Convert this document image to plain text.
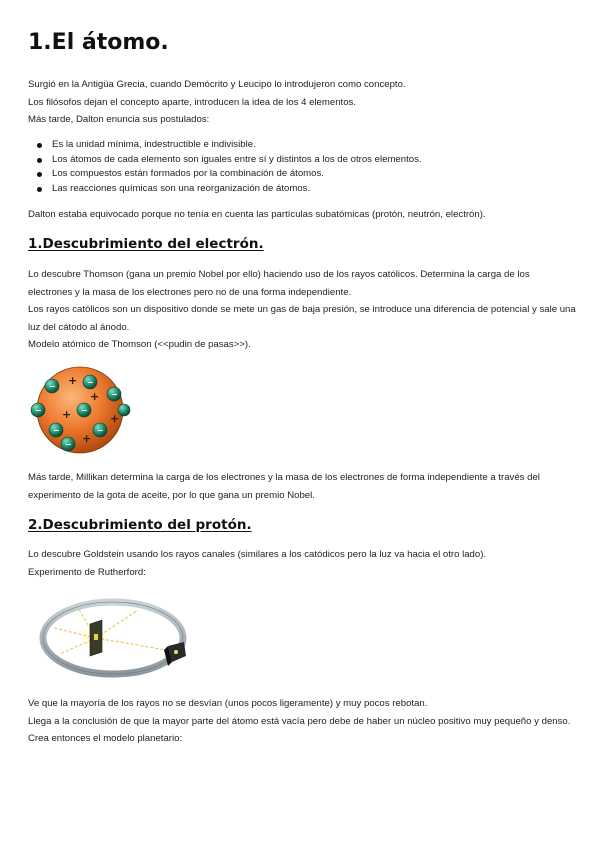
1.El átomo.

Surgió en la Antigüa Grecia, cuando Demócrito y Leucipo lo introdujeron como concepto.

Los filósofos dejan el concepto aparte, introducen la idea de los 4 elementos.

Más tarde, Dalton enuncia sus postulados:

Es la unidad mínima, indestructible e indivisible.
Los átomos de cada elemento son iguales entre sí y distintos a los de otros elementos.
Los compuestos están formados por la combinación de átomos.
Las reacciones químicas son una reorganización de átomos.

Dalton estaba equivocado porque no tenía en cuenta las partículas subatómicas (protón, neutrón, electrón).

1.Descubrimiento del electrón.

Lo descubre Thomson (gana un premio Nobel por ello) haciendo uso de los rayos católicos. Determina la carga de los electrones y la masa de los electrones pero no de una forma independiente.

Los rayos católicos son un dispositivo donde se mete un gas de baja presión, se introduce una diferencia de potencial y sale una luz del cátodo al ánodo.

Modelo atómico de Thomson (<<pudin de pasas>>).

+
+
+	+
+
−	−
−
−	−
−	−
−

Más tarde, Millikan determina la carga de los electrones y la masa de los electrones de forma independiente a través del experimento de la gota de aceite, por lo que gana un premio Nobel.

2.Descubrimiento del protón.

Lo descubre Goldstein usando los rayos canales (similares a los catódicos pero la luz va hacia el otro lado).

Experimento de Rutherford:

Ve que la mayoría de los rayos no se desvían (unos pocos ligeramente) y muy pocos rebotan.

Llega a la conclusión de que la mayor parte del átomo está vacía pero debe de haber un núcleo positivo muy pequeño y denso. Crea entonces el modelo planetario:
